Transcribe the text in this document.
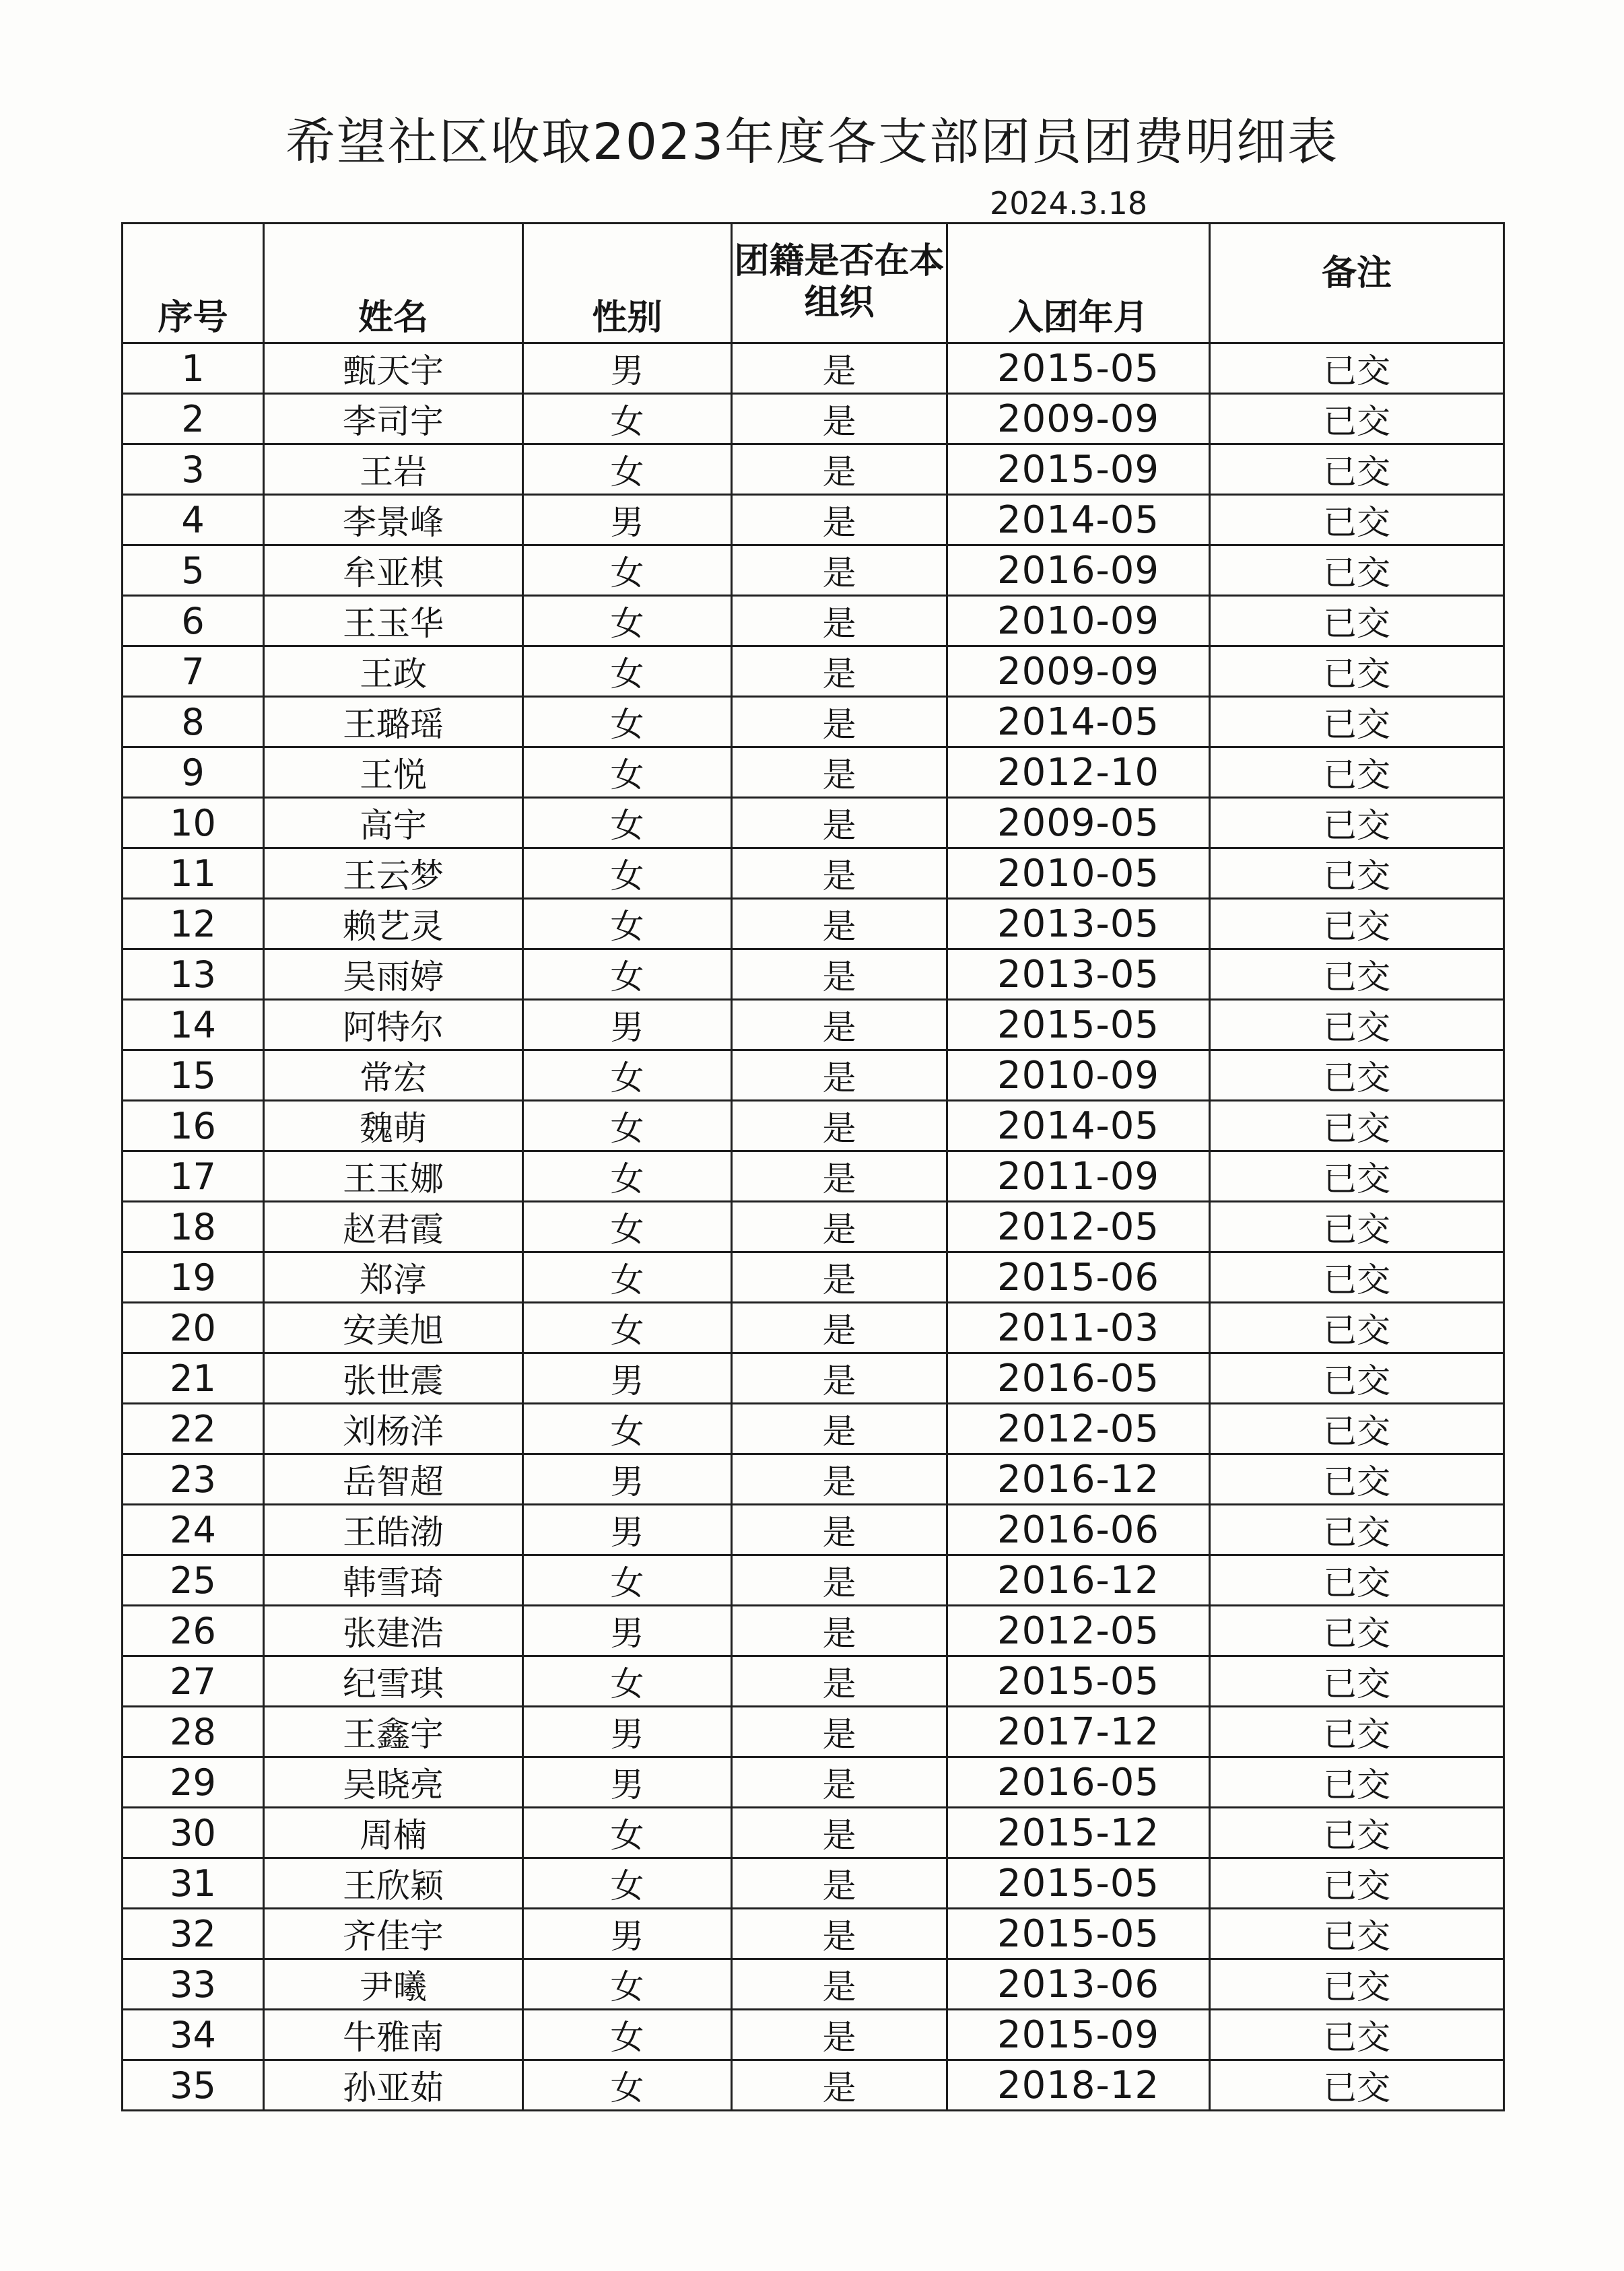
希望社区收取2023年度各支部团员团费明细表
2024.3.18
序号	姓名	性别	团籍是否在本组织	入团年月	备注
1	甄天宇	男	是	2015-05	已交
2	李司宇	女	是	2009-09	已交
3	王岩	女	是	2015-09	已交
4	李景峰	男	是	2014-05	已交
5	牟亚棋	女	是	2016-09	已交
6	王玉华	女	是	2010-09	已交
7	王政	女	是	2009-09	已交
8	王璐瑶	女	是	2014-05	已交
9	王悦	女	是	2012-10	已交
10	高宇	女	是	2009-05	已交
11	王云梦	女	是	2010-05	已交
12	赖艺灵	女	是	2013-05	已交
13	吴雨婷	女	是	2013-05	已交
14	阿特尔	男	是	2015-05	已交
15	常宏	女	是	2010-09	已交
16	魏萌	女	是	2014-05	已交
17	王玉娜	女	是	2011-09	已交
18	赵君霞	女	是	2012-05	已交
19	郑淳	女	是	2015-06	已交
20	安美旭	女	是	2011-03	已交
21	张世震	男	是	2016-05	已交
22	刘杨洋	女	是	2012-05	已交
23	岳智超	男	是	2016-12	已交
24	王皓渤	男	是	2016-06	已交
25	韩雪琦	女	是	2016-12	已交
26	张建浩	男	是	2012-05	已交
27	纪雪琪	女	是	2015-05	已交
28	王鑫宇	男	是	2017-12	已交
29	吴晓亮	男	是	2016-05	已交
30	周楠	女	是	2015-12	已交
31	王欣颖	女	是	2015-05	已交
32	齐佳宇	男	是	2015-05	已交
33	尹曦	女	是	2013-06	已交
34	牛雅南	女	是	2015-09	已交
35	孙亚茹	女	是	2018-12	已交
